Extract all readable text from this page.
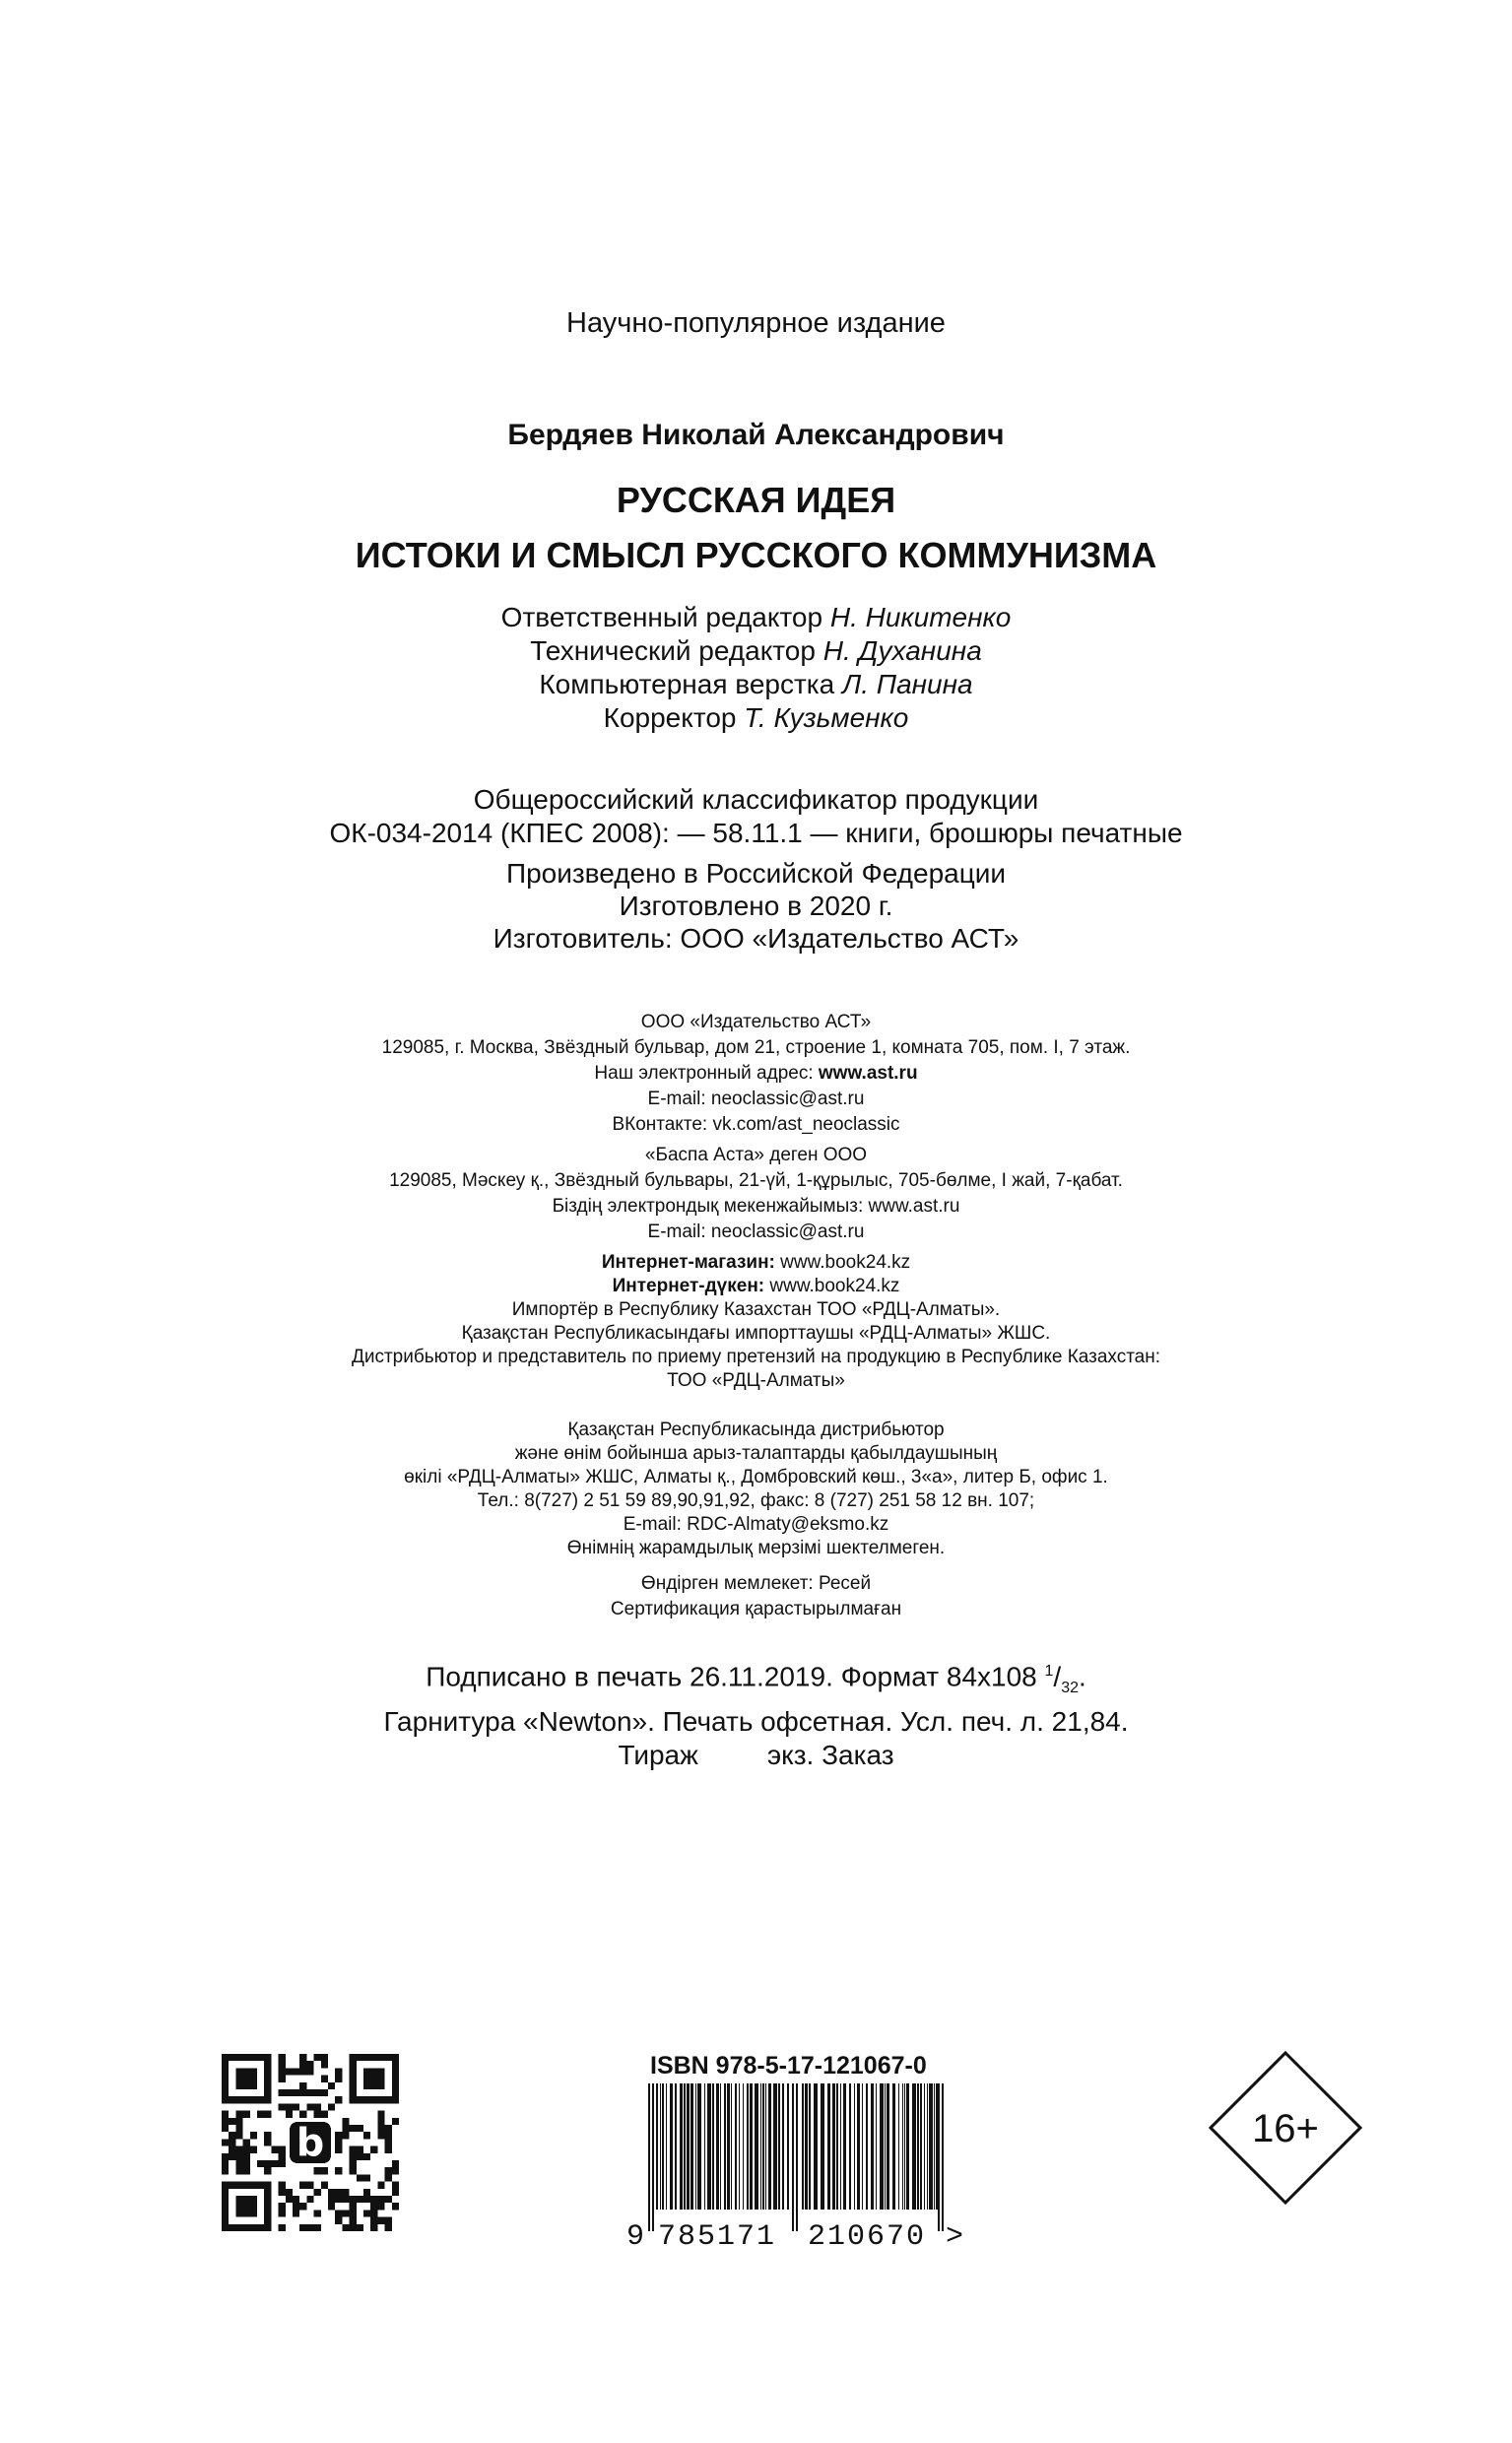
Научно-популярное издание
Бердяев Николай Александрович
РУССКАЯ ИДЕЯ
ИСТОКИ И СМЫСЛ РУССКОГО КОММУНИЗМА
Ответственный редактор Н. Никитенко
Технический редактор Н. Духанина
Компьютерная верстка Л. Панина
Корректор Т. Кузьменко
Общероссийский классификатор продукции
ОК-034-2014 (КПЕС 2008): — 58.11.1 — книги, брошюры печатные
Произведено в Российской Федерации
Изготовлено в 2020 г.
Изготовитель: ООО «Издательство АСТ»
ООО «Издательство АСТ»
129085, г. Москва, Звёздный бульвар, дом 21, строение 1, комната 705, пом. I, 7 этаж.
Наш электронный адрес: www.ast.ru
E-mail: neoclassic@ast.ru
ВКонтакте: vk.com/ast_neoclassic
«Баспа Аста» деген ООО
129085, Мәскеу қ., Звёздный бульвары, 21-үй, 1-құрылыс, 705-бөлме, I жай, 7-қабат.
Біздің электрондық мекенжайымыз: www.ast.ru
E-mail: neoclassic@ast.ru
Интернет-магазин: www.book24.kz
Интернет-дүкен: www.book24.kz
Импортёр в Республику Казахстан ТОО «РДЦ-Алматы».
Қазақстан Республикасындағы импорттаушы «РДЦ-Алматы» ЖШС.
Дистрибьютор и представитель по приему претензий на продукцию в Республике Казахстан:
ТОО «РДЦ-Алматы»
Қазақстан Республикасында дистрибьютор
және өнім бойынша арыз-талаптарды қабылдаушының
өкілі «РДЦ-Алматы» ЖШС, Алматы қ., Домбровский көш., 3«а», литер Б, офис 1.
Тел.: 8(727) 2 51 59 89,90,91,92, факс: 8 (727) 251 58 12 вн. 107;
E-mail: RDC-Almaty@eksmo.kz
Өнімнің жарамдылық мерзімі шектелмеген.
Өндірген мемлекет: Ресей
Сертификация қарастырылмаған
Подписано в печать 26.11.2019. Формат 84х108 $^1/_{32}$.
Гарнитура «Newton». Печать офсетная. Усл. печ. л. 21,84.
Тираж	экз. Заказ
b
ISBN 978-5-17-121067-0
9 785171 210670 >
16+
